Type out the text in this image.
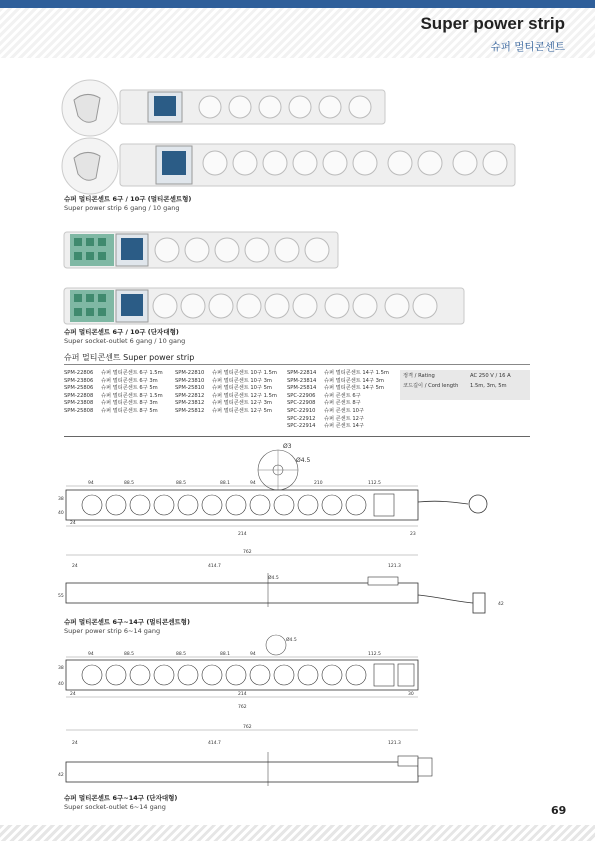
Super power strip
슈퍼 멀티콘센트
슈퍼 멀티콘센트 6구 / 10구 (멀티콘센트형)
Super power strip 6 gang / 10 gang
슈퍼 멀티콘센트 6구 / 10구 (단자대형)
Super socket-outlet 6 gang / 10 gang
슈퍼 멀티콘센트 Super power strip
SPM-22806 슈퍼 멀티콘센트 6구 1.5m
SPM-23806 슈퍼 멀티콘센트 6구 3m
SPM-25806 슈퍼 멀티콘센트 6구 5m
SPM-22808 슈퍼 멀티콘센트 8구 1.5m
SPM-23808 슈퍼 멀티콘센트 8구 3m
SPM-25808 슈퍼 멀티콘센트 8구 5m
SPM-22810 슈퍼 멀티콘센트 10구 1.5m
SPM-23810 슈퍼 멀티콘센트 10구 3m
SPM-25810 슈퍼 멀티콘센트 10구 5m
SPM-22812 슈퍼 멀티콘센트 12구 1.5m
SPM-23812 슈퍼 멀티콘센트 12구 3m
SPM-25812 슈퍼 멀티콘센트 12구 5m
SPM-22814 슈퍼 멀티콘센트 14구 1.5m
SPM-23814 슈퍼 멀티콘센트 14구 3m
SPM-25814 슈퍼 멀티콘센트 14구 5m
SPC-22906 슈퍼 콘센트 6구
SPC-22908 슈퍼 콘센트 8구
SPC-22910 슈퍼 콘센트 10구
SPC-22912 슈퍼 콘센트 12구
SPC-22914 슈퍼 콘센트 14구
정격 / Rating	AC 250 V / 16 A
코드길이 / Cord length	1.5m, 3m, 5m
Ø3
Ø4.5
94	88.5	88.5	88.1	94	210	112.5
214
24
23
38
40
762
414.7	121.3
24
Ø4.5
42
55
슈퍼 멀티콘센트 6구~14구 (멀티콘센트형)
Super power strip 6~14 gang
Ø4.5
94	88.5	88.5	88.1	94	112.5
214
762
24	30
38
40
762
414.7	121.3
24
42
슈퍼 멀티콘센트 6구~14구 (단자대형)
Super socket-outlet 6~14 gang	69
